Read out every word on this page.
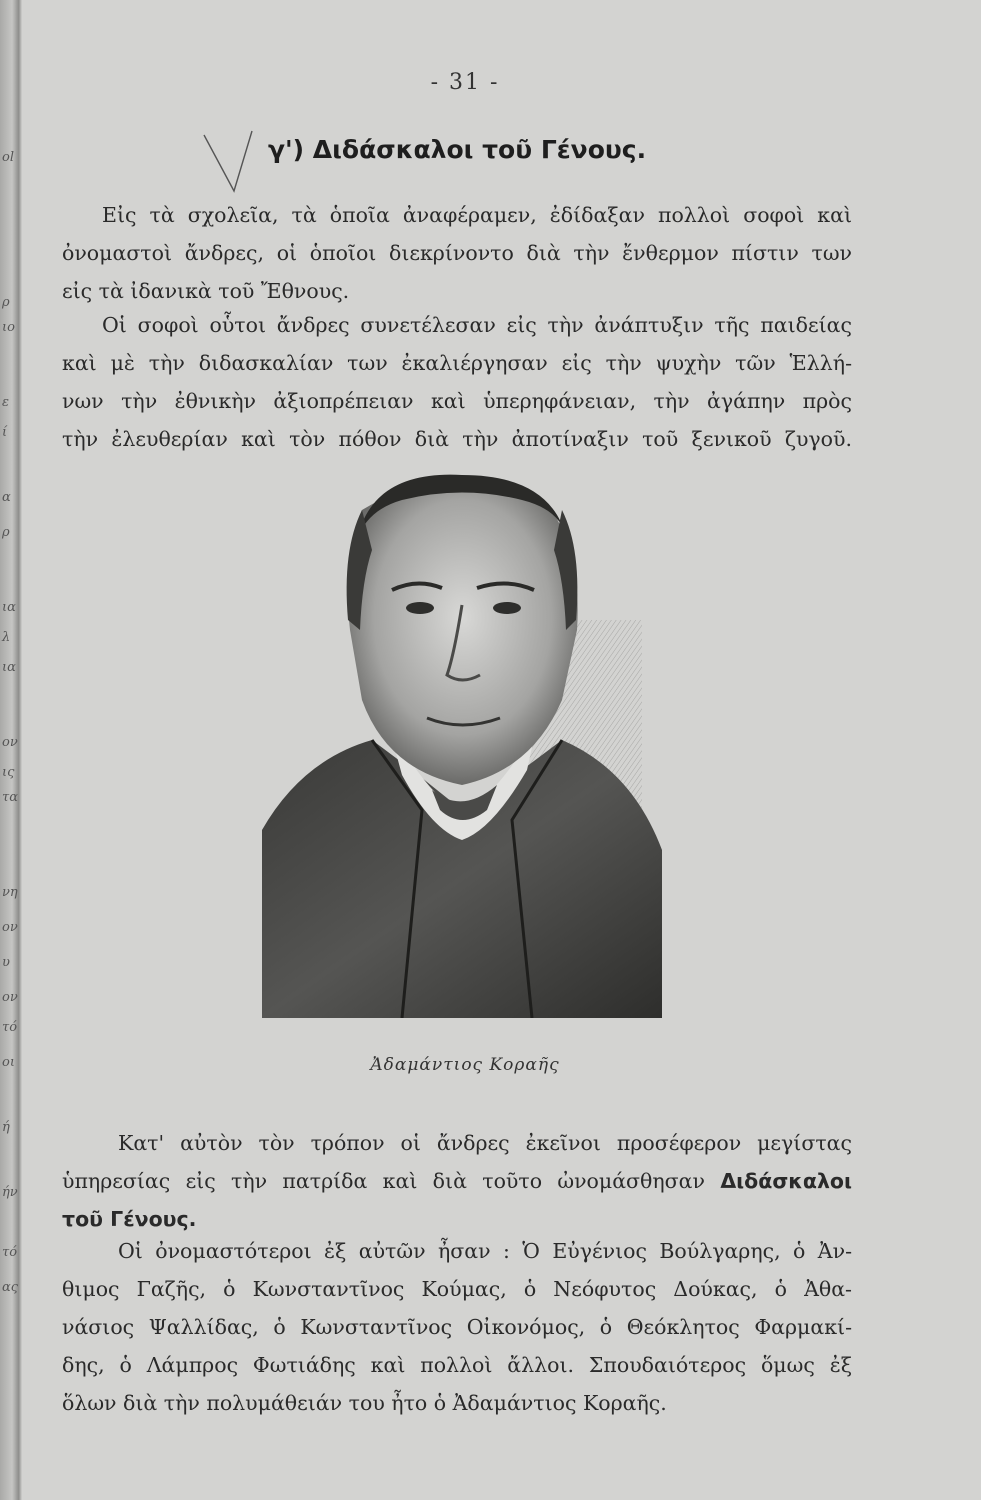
ol
ρ
ιο
ε
ί
α
ρ
ια
λ
ια
ον
ις
τα
νη
ον
υ
ον
τό
οι
ή
ήν
τό
ας
- 31 -
γ') Διδάσκαλοι τοῦ Γένους.
Εἰς τὰ σχολεῖα, τὰ ὁποῖα ἀναφέραμεν, ἐδίδαξαν πολλοὶ σοφοὶ καὶ
ὀνομαστοὶ ἄνδρες, οἱ ὁποῖοι διεκρίνοντο διὰ τὴν ἔνθερμον πίστιν των
εἰς τὰ ἰδανικὰ τοῦ Ἔθνους.
Οἱ σοφοὶ οὗτοι ἄνδρες συνετέλεσαν εἰς τὴν ἀνάπτυξιν τῆς παιδείας
καὶ μὲ τὴν διδασκαλίαν των ἐκαλιέργησαν εἰς τὴν ψυχὴν τῶν Ἑλλή-
νων τὴν ἐθνικὴν ἀξιοπρέπειαν καὶ ὑπερηφάνειαν, τὴν ἀγάπην πρὸς
τὴν ἐλευθερίαν καὶ τὸν πόθον διὰ τὴν ἀποτίναξιν τοῦ ξενικοῦ ζυγοῦ.
Ἀδαμάντιος Κοραῆς
Κατ' αὐτὸν τὸν τρόπον οἱ ἄνδρες ἐκεῖνοι προσέφερον μεγίστας
ὑπηρεσίας εἰς τὴν πατρίδα καὶ διὰ τοῦτο ὠνομάσθησαν Διδάσκαλοι
τοῦ Γένους.
Οἱ ὀνομαστότεροι ἐξ αὐτῶν ἦσαν : Ὁ Εὐγένιος Βούλγαρης, ὁ Ἀν-
θιμος Γαζῆς, ὁ Κωνσταντῖνος Κούμας, ὁ Νεόφυτος Δούκας, ὁ Ἀθα-
νάσιος Ψαλλίδας, ὁ Κωνσταντῖνος Οἰκονόμος, ὁ Θεόκλητος Φαρμακί-
δης, ὁ Λάμπρος Φωτιάδης καὶ πολλοὶ ἄλλοι. Σπουδαιότερος ὅμως ἐξ
ὅλων διὰ τὴν πολυμάθειάν του ἦτο ὁ Ἀδαμάντιος Κοραῆς.
